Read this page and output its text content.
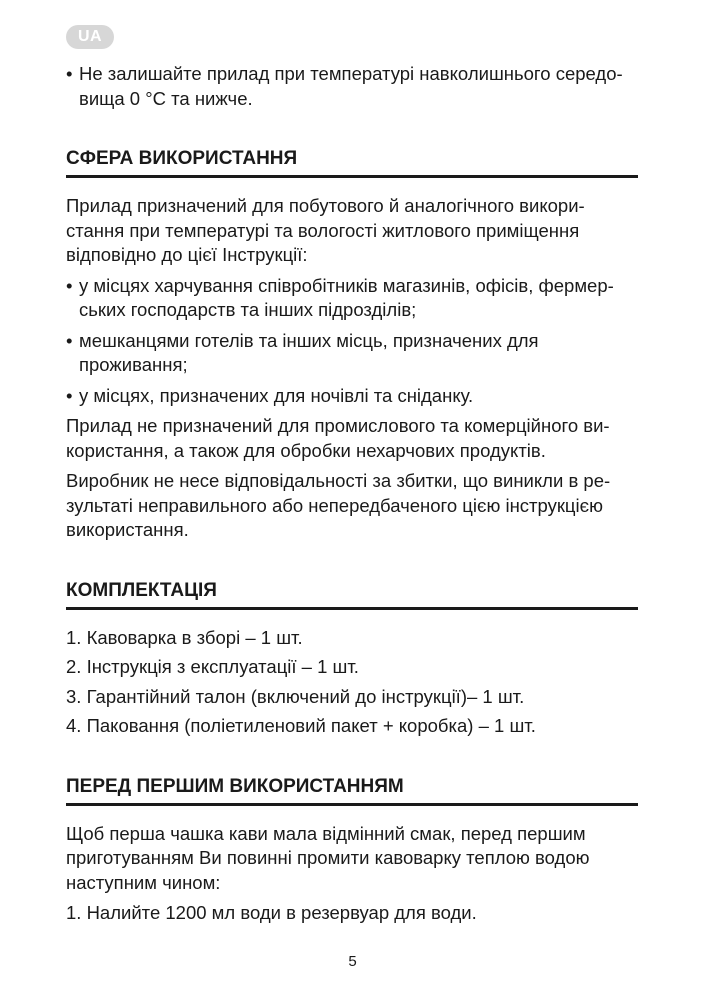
UA

• Не залишайте прилад при температурі навколишнього середо- вища 0 °C та нижче.

СФЕРА ВИКОРИСТАННЯ

Прилад призначений для побутового й аналогічного викори- стання при температурі та вологості житлового приміщення відповідно до цієї Інструкції:

• у місцях харчування співробітників магазинів, офісів, фермер- ських господарств та інших підрозділів;

• мешканцями готелів та інших місць, призначених для проживання;

• у місцях, призначених для ночівлі та сніданку.

Прилад не призначений для промислового та комерційного ви- користання, а також для обробки нехарчових продуктів.

Виробник не несе відповідальності за збитки, що виникли в ре- зультаті неправильного або непередбаченого цією інструкцією використання.

КОМПЛЕКТАЦІЯ

1. Кавоварка в зборі – 1 шт.

2. Інструкція з експлуатації – 1 шт.

3. Гарантійний талон (включений до інструкції)– 1 шт.

4. Паковання (поліетиленовий пакет + коробка) – 1 шт.

ПЕРЕД ПЕРШИМ ВИКОРИСТАННЯМ

Щоб перша чашка кави мала відмінний смак, перед першим приготуванням Ви повинні промити кавоварку теплою водою наступним чином:

1. Налийте 1200 мл води в резервуар для води.

5
